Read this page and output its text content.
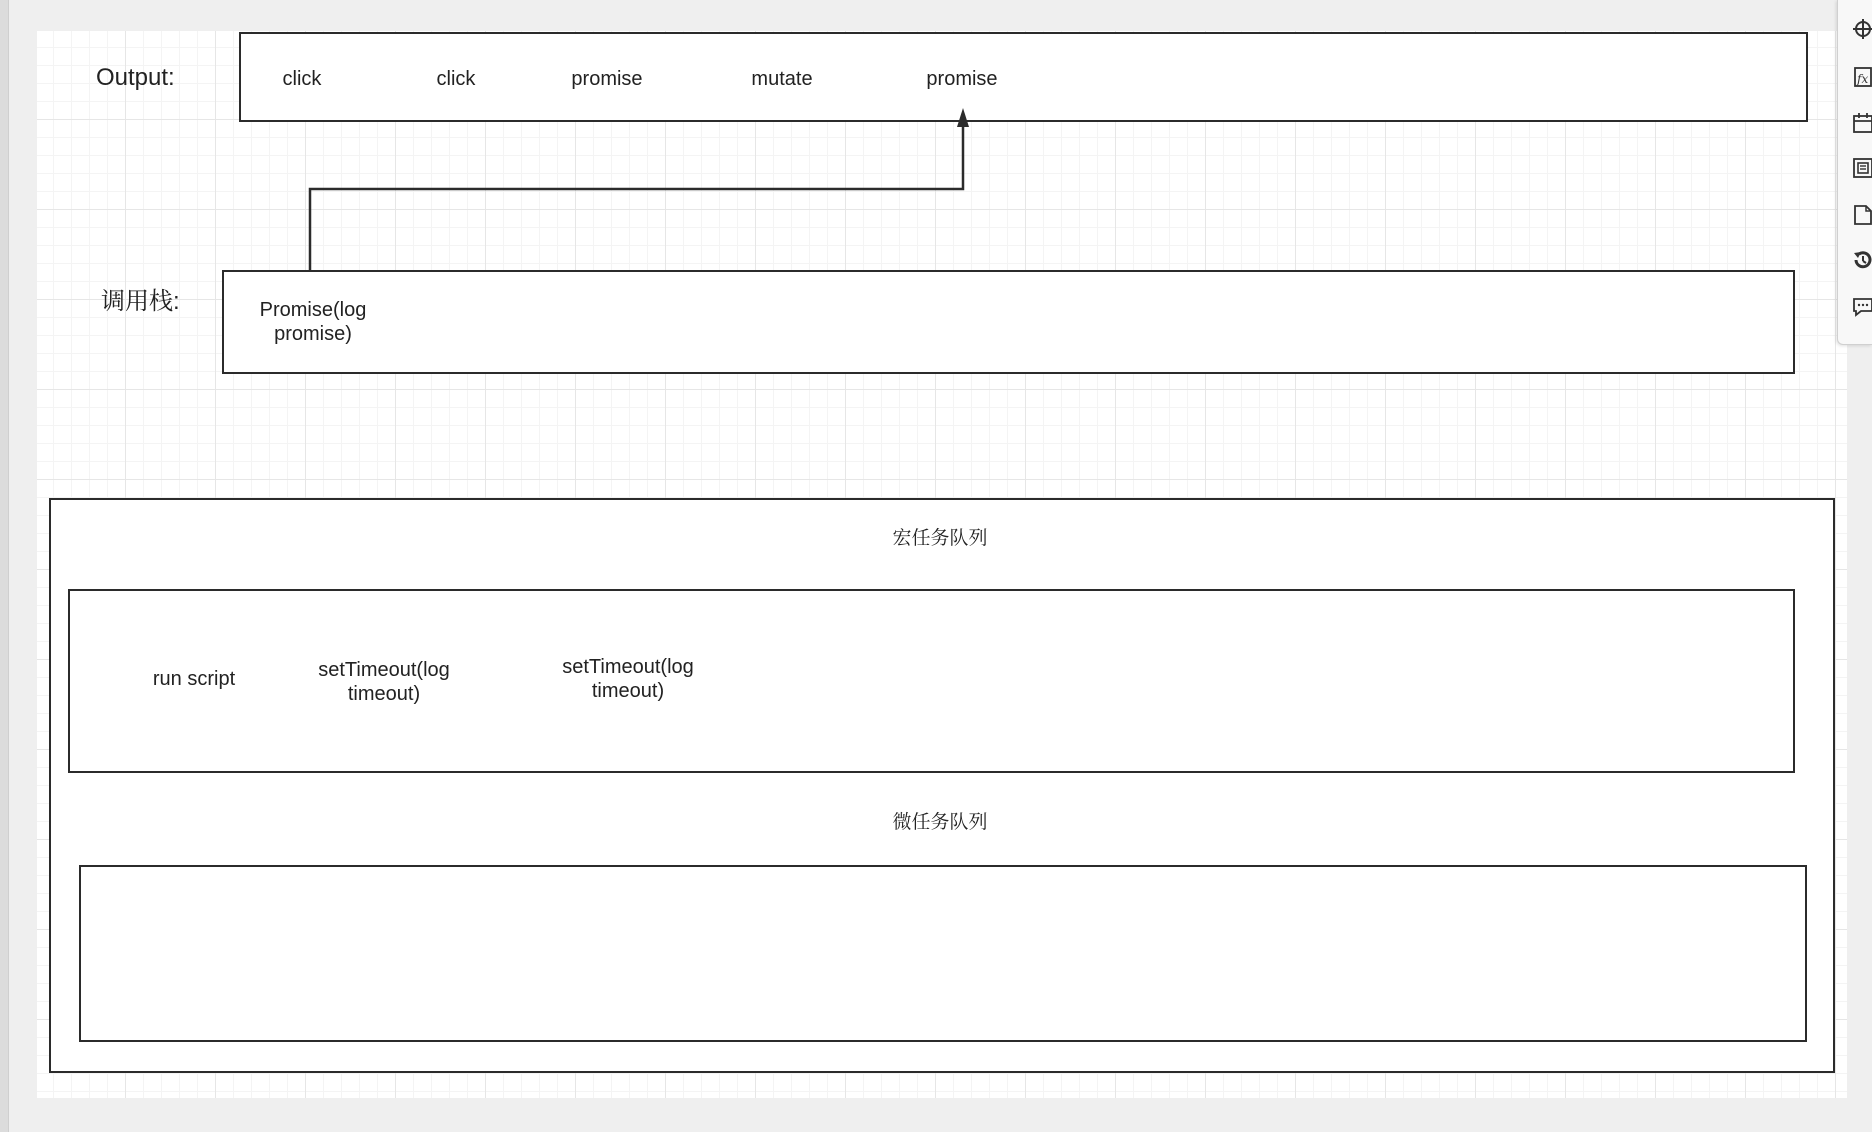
Output:	click	click	promise	mutate	promise
调用栈:	Promise(log promise)
宏任务队列
run script	setTimeout(log timeout)
setTimeout(log timeout)
微任务队列
fx
